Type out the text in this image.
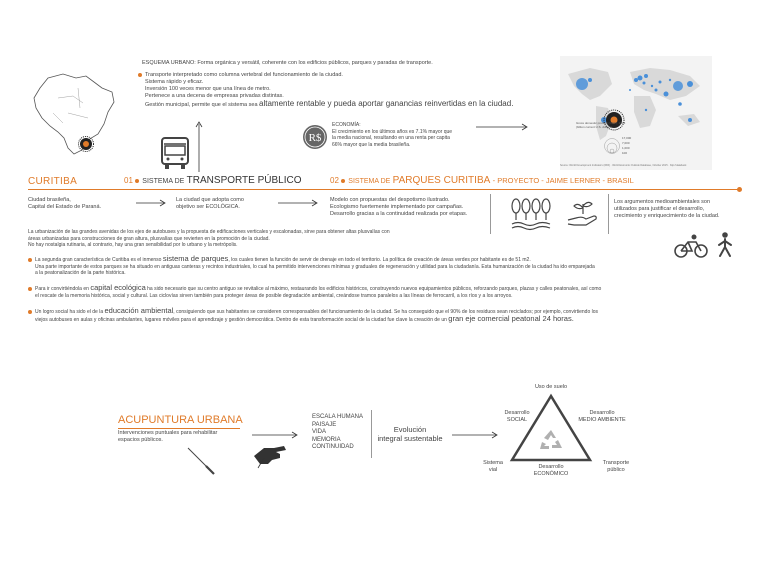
ESQUEMA URBANO: Forma orgánica y versátil, coherente con los edificios públicos, parques y paradas de transporte.
Transporte interpretado como columna vertebral del funcionamiento de la ciudad.
Sistema rápido y eficaz.
Inversión 100 veces menor que una línea de metro.
Pertenece a una decena de empresas privadas distintas.
Gestión municipal, permite que el sistema sea altamente rentable y pueda aportar ganancias reinvertidas en la ciudad.
R$
ECONOMÍA:
El crecimiento en los últimos años es 7.1% mayor que
la media nacional, resultando en una renta per capita
66% mayor que la media brasileña.
Gross domestic product (GDP), 2014 (billion current U.S. dollars)
17,000
7,000
1,000
100
Source: World Development Indicators (WDI) · World Economic Outlook Database, October 2015 · http://databank
CURITIBA	01 SISTEMA DE TRANSPORTE PÚBLICO	02 SISTEMA DE PARQUES CURITIBA - PROYECTO - JAIME LERNER - BRASIL
Ciudad brasileña,
Capital del Estado de Paraná.
La ciudad que adopta como
objetivo ser ECOLÓGICA.
Modelo con propuestas del despotismo ilustrado.
Ecologismo fuertemente implementado por campañas.
Desarrollo gracias a la continuidad realizada por etapas.
Los argumentos medioambientales son
utilizados para justificar el desarrollo,
crecimiento y enriquecimiento de la ciudad.
La urbanización de las grandes avenidas de los ejes de autobuses y la propuesta de edificaciones verticales y escalonadas, sirve para obtener altas plusvalías con
áreas urbanizadas para construcciones de gran altura, plusvalías que revierten en la promoción de la ciudad.
No hay nostalgia rutinaria, al contrario, hay una gran sensibilidad por lo urbano y la metrópolis.
La segunda gran característica de Curitiba es el inmenso sistema de parques, los cuales tienen la función de servir de drenaje en todo el territorio. La política de creación de áreas verdes por habitante es de 51 m2.
Una parte importante de estos parques se ha situado en antiguas canteras y recintos industriales, lo cual ha permitido intervenciones mínimas y graduales de regeneración y utilidad para la ciudadanía. Esta humanización de la ciudad ha ido emparejada
a la peatonalización de la parte histórica.
Para ir convirtiéndola en capital ecológica ha sido necesario que su centro antiguo se revitalice al máximo, restaurando los edificios históricos, construyendo nuevos equipamientos públicos, reforzando parques, plazas y calles peatonales, así como
el rescate de la memoria histórica, social y cultural. Las ciclovías sirven también para proteger áreas de posible degradación ambiental, creándose tramos paralelos a las líneas de ferrocarril, a los ríos y a los arroyos.
Un logro social ha sido el de la educación ambiental, consiguiendo que sus habitantes se consideren corresponsables del funcionamiento de la ciudad. Se ha conseguido que el 90% de los residuos sean reciclados; por ejemplo, convirtiendo los
viejos autobuses en aulas y oficinas ambulantes, lugares móviles para el aprendizaje y gestión democrática. Dentro de esta transformación social de la ciudad fue clave la creación de un gran eje comercial peatonal 24 horas.
ACUPUNTURA URBANA
Intervenciones puntuales para rehabilitar
espacios públicos.
ESCALA HUMANA
PAISAJE
VIDA
MEMORIA
CONTINUIDAD
Evolución
integral sustentable
Uso de suelo
Desarrollo
SOCIAL
Desarrollo
MEDIO AMBIENTE
Desarrollo
ECONÓMICO
Sistema
vial
Transporte
público
